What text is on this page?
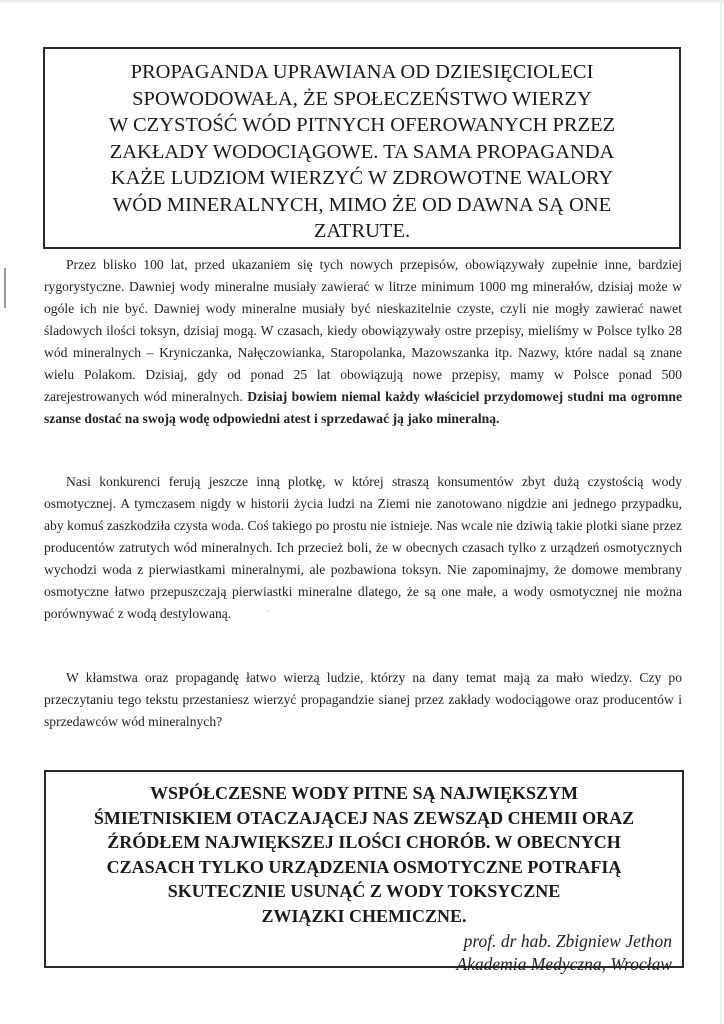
PROPAGANDA UPRAWIANA OD DZIESIĘCIOLECI
SPOWODOWAŁA, ŻE SPOŁECZEŃSTWO WIERZY
W CZYSTOŚĆ WÓD PITNYCH OFEROWANYCH PRZEZ
ZAKŁADY WODOCIĄGOWE. TA SAMA PROPAGANDA
KAŻE LUDZIOM WIERZYĆ W ZDROWOTNE WALORY
WÓD MINERALNYCH, MIMO ŻE OD DAWNA SĄ ONE
ZATRUTE.

Przez blisko 100 lat, przed ukazaniem się tych nowych przepisów, obowiązywały zupełnie inne, bardziej rygorystyczne. Dawniej wody mineralne musiały zawierać w litrze minimum 1000 mg minerałów, dzisiaj może w ogóle ich nie być. Dawniej wody mineralne musiały być nieskazitelnie czyste, czyli nie mogły zawierać nawet śladowych ilości toksyn, dzisiaj mogą. W czasach, kiedy obowiązywały ostre przepisy, mieliśmy w Polsce tylko 28 wód mineralnych – Kryniczanka, Nałęczowianka, Staropolanka, Mazowszanka itp. Nazwy, które nadal są znane wielu Polakom. Dzisiaj, gdy od ponad 25 lat obowiązują nowe przepisy, mamy w Polsce ponad 500 zarejestrowanych wód mineralnych. Dzisiaj bowiem niemal każdy właściciel przydomowej studni ma ogromne szanse dostać na swoją wodę odpowiedni atest i sprzedawać ją jako mineralną.

Nasi konkurenci ferują jeszcze inną plotkę, w której straszą konsumentów zbyt dużą czystością wody osmotycznej. A tymczasem nigdy w historii życia ludzi na Ziemi nie zanotowano nigdzie ani jednego przypadku, aby komuś zaszkodziła czysta woda. Coś takiego po prostu nie istnieje. Nas wcale nie dziwią takie plotki siane przez producentów zatrutych wód mineralnych. Ich przecież boli, że w obecnych czasach tylko z urządzeń osmotycznych wychodzi woda z pierwiastkami mineralnymi, ale pozbawiona toksyn. Nie zapominajmy, że domowe membrany osmotyczne łatwo przepuszczają pierwiastki mineralne dlatego, że są one małe, a wody osmotycznej nie można porównywać z wodą destylowaną.	ˈ

W kłamstwa oraz propagandę łatwo wierzą ludzie, którzy na dany temat mają za mało wiedzy. Czy po przeczytaniu tego tekstu przestaniesz wierzyć propagandzie sianej przez zakłady wodociągowe oraz producentów i sprzedawców wód mineralnych?

WSPÓŁCZESNE WODY PITNE SĄ NAJWIĘKSZYM
ŚMIETNISKIEM OTACZAJĄCEJ NAS ZEWSZĄD CHEMII ORAZ
ŹRÓDŁEM NAJWIĘKSZEJ ILOŚCI CHORÓB. W OBECNYCH
CZASACH TYLKO URZĄDZENIA OSMOTYCZNE POTRAFIĄ
SKUTECZNIE USUNĄĆ Z WODY TOKSYCZNE
ZWIĄZKI CHEMICZNE.
prof. dr hab. Zbigniew Jethon
Akademia Medyczna, Wrocław
